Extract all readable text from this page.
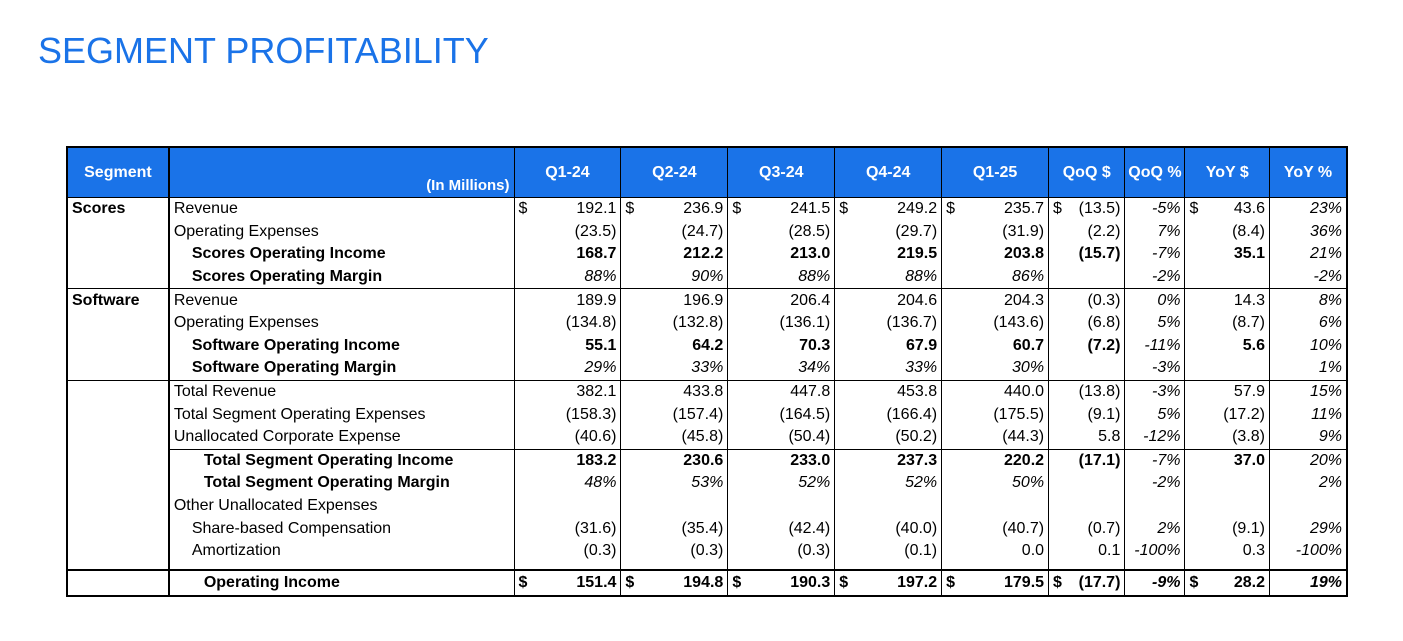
SEGMENT PROFITABILITY
Segment	(In Millions)	Q1-24	Q2-24	Q3-24	Q4-24	Q1-25	QoQ $	QoQ %	YoY $	YoY %
Scores	Revenue	$ 192.1	$ 236.9	$ 241.5	$ 249.2	$ 235.7	$ (13.5)	-5%	$ 43.6	23%
	Operating Expenses	(23.5)	(24.7)	(28.5)	(29.7)	(31.9)	(2.2)	7%	(8.4)	36%
	Scores Operating Income	168.7	212.2	213.0	219.5	203.8	(15.7)	-7%	35.1	21%
	Scores Operating Margin	88%	90%	88%	88%	86%		-2%		-2%
Software	Revenue	189.9	196.9	206.4	204.6	204.3	(0.3)	0%	14.3	8%
	Operating Expenses	(134.8)	(132.8)	(136.1)	(136.7)	(143.6)	(6.8)	5%	(8.7)	6%
	Software Operating Income	55.1	64.2	70.3	67.9	60.7	(7.2)	-11%	5.6	10%
	Software Operating Margin	29%	33%	34%	33%	30%		-3%		1%
	Total Revenue	382.1	433.8	447.8	453.8	440.0	(13.8)	-3%	57.9	15%
	Total Segment Operating Expenses	(158.3)	(157.4)	(164.5)	(166.4)	(175.5)	(9.1)	5%	(17.2)	11%
	Unallocated Corporate Expense	(40.6)	(45.8)	(50.4)	(50.2)	(44.3)	5.8	-12%	(3.8)	9%
	Total Segment Operating Income	183.2	230.6	233.0	237.3	220.2	(17.1)	-7%	37.0	20%
	Total Segment Operating Margin	48%	53%	52%	52%	50%		-2%		2%
	Other Unallocated Expenses									
	Share-based Compensation	(31.6)	(35.4)	(42.4)	(40.0)	(40.7)	(0.7)	2%	(9.1)	29%
	Amortization	(0.3)	(0.3)	(0.3)	(0.1)	0.0	0.1	-100%	0.3	-100%

	Operating Income	$ 151.4	$ 194.8	$ 190.3	$ 197.2	$ 179.5	$ (17.7)	-9%	$ 28.2	19%
